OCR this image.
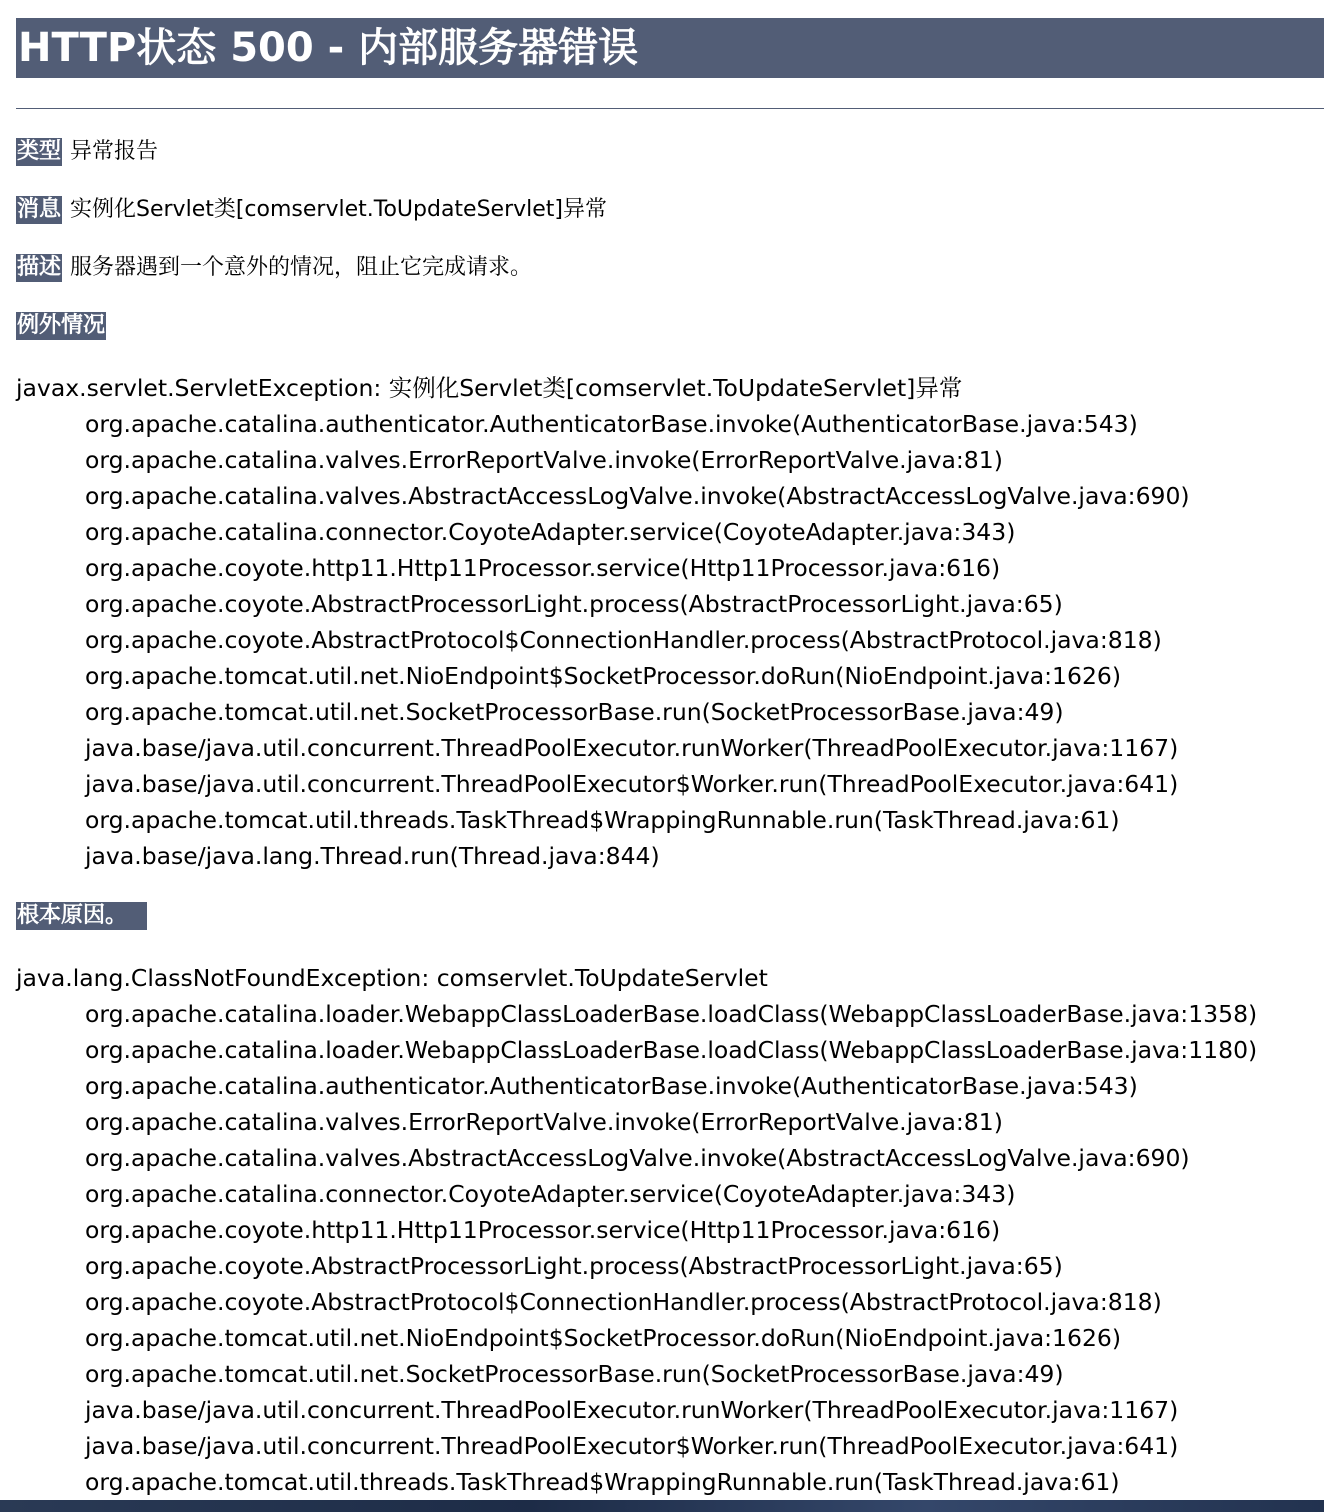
HTTP状态 500 - 内部服务器错误
类型 异常报告
消息 实例化Servlet类[comservlet.ToUpdateServlet]异常
描述 服务器遇到一个意外的情况，阻止它完成请求。
例外情况
javax.servlet.ServletException: 实例化Servlet类[comservlet.ToUpdateServlet]异常
org.apache.catalina.authenticator.AuthenticatorBase.invoke(AuthenticatorBase.java:543)
org.apache.catalina.valves.ErrorReportValve.invoke(ErrorReportValve.java:81)
org.apache.catalina.valves.AbstractAccessLogValve.invoke(AbstractAccessLogValve.java:690)
org.apache.catalina.connector.CoyoteAdapter.service(CoyoteAdapter.java:343)
org.apache.coyote.http11.Http11Processor.service(Http11Processor.java:616)
org.apache.coyote.AbstractProcessorLight.process(AbstractProcessorLight.java:65)
org.apache.coyote.AbstractProtocol$ConnectionHandler.process(AbstractProtocol.java:818)
org.apache.tomcat.util.net.NioEndpoint$SocketProcessor.doRun(NioEndpoint.java:1626)
org.apache.tomcat.util.net.SocketProcessorBase.run(SocketProcessorBase.java:49)
java.base/java.util.concurrent.ThreadPoolExecutor.runWorker(ThreadPoolExecutor.java:1167)
java.base/java.util.concurrent.ThreadPoolExecutor$Worker.run(ThreadPoolExecutor.java:641)
org.apache.tomcat.util.threads.TaskThread$WrappingRunnable.run(TaskThread.java:61)
java.base/java.lang.Thread.run(Thread.java:844)
根本原因。
java.lang.ClassNotFoundException: comservlet.ToUpdateServlet
org.apache.catalina.loader.WebappClassLoaderBase.loadClass(WebappClassLoaderBase.java:1358)
org.apache.catalina.loader.WebappClassLoaderBase.loadClass(WebappClassLoaderBase.java:1180)
org.apache.catalina.authenticator.AuthenticatorBase.invoke(AuthenticatorBase.java:543)
org.apache.catalina.valves.ErrorReportValve.invoke(ErrorReportValve.java:81)
org.apache.catalina.valves.AbstractAccessLogValve.invoke(AbstractAccessLogValve.java:690)
org.apache.catalina.connector.CoyoteAdapter.service(CoyoteAdapter.java:343)
org.apache.coyote.http11.Http11Processor.service(Http11Processor.java:616)
org.apache.coyote.AbstractProcessorLight.process(AbstractProcessorLight.java:65)
org.apache.coyote.AbstractProtocol$ConnectionHandler.process(AbstractProtocol.java:818)
org.apache.tomcat.util.net.NioEndpoint$SocketProcessor.doRun(NioEndpoint.java:1626)
org.apache.tomcat.util.net.SocketProcessorBase.run(SocketProcessorBase.java:49)
java.base/java.util.concurrent.ThreadPoolExecutor.runWorker(ThreadPoolExecutor.java:1167)
java.base/java.util.concurrent.ThreadPoolExecutor$Worker.run(ThreadPoolExecutor.java:641)
org.apache.tomcat.util.threads.TaskThread$WrappingRunnable.run(TaskThread.java:61)
